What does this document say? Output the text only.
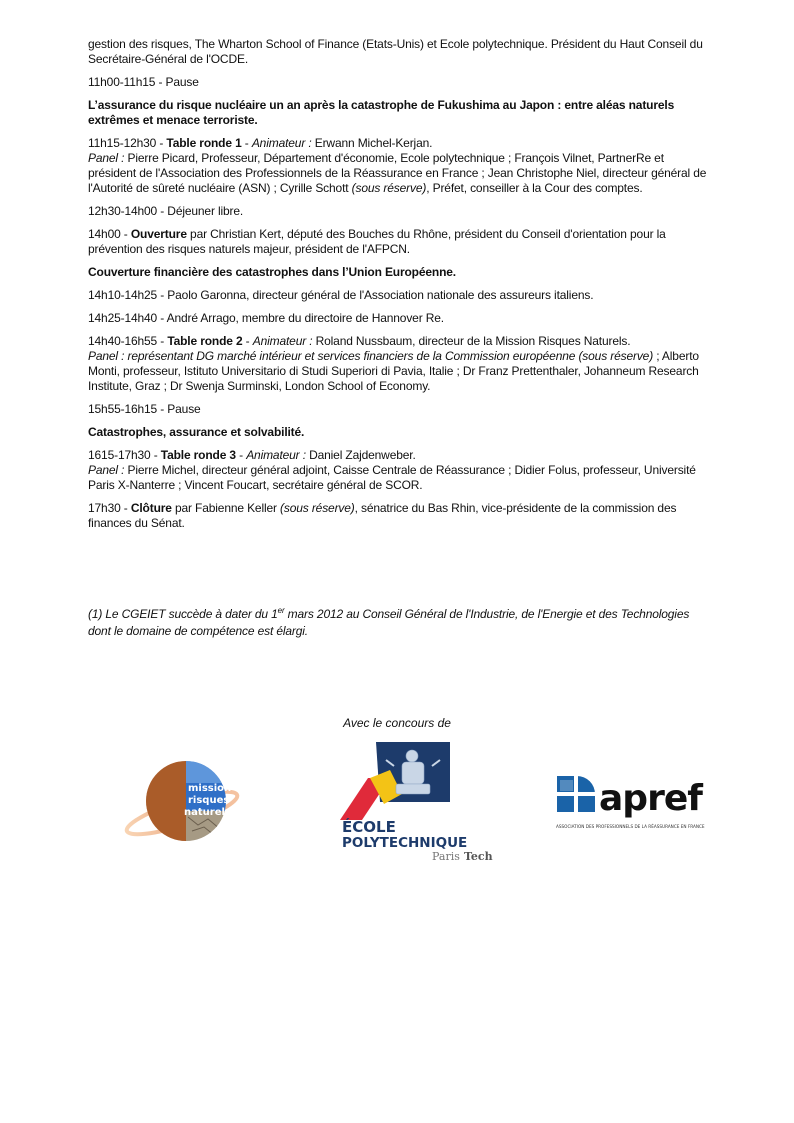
gestion des risques, The Wharton School of Finance (Etats-Unis) et Ecole polytechnique. Président du Haut Conseil du Secrétaire-Général de l'OCDE.

11h00-11h15 - Pause

L’assurance du risque nucléaire un an après la catastrophe de Fukushima au Japon : entre aléas naturels extrêmes et menace terroriste.

11h15-12h30 - Table ronde 1 - Animateur : Erwann Michel-Kerjan.
Panel : Pierre Picard, Professeur, Département d'économie, Ecole polytechnique ; François Vilnet, PartnerRe et président de l'Association des Professionnels de la Réassurance en France ; Jean Christophe Niel, directeur général de l'Autorité de sûreté nucléaire (ASN) ; Cyrille Schott (sous réserve), Préfet, conseiller à la Cour des comptes.

12h30-14h00 - Déjeuner libre.

14h00 - Ouverture par Christian Kert, député des Bouches du Rhône, président du Conseil d'orientation pour la prévention des risques naturels majeur, président de l'AFPCN.

Couverture financière des catastrophes dans l’Union Européenne.

14h10-14h25 - Paolo Garonna, directeur général de l'Association nationale des assureurs italiens.

14h25-14h40 - André Arrago, membre du directoire de Hannover Re.

14h40-16h55 - Table ronde 2 - Animateur : Roland Nussbaum, directeur de la Mission Risques Naturels.
Panel : représentant DG marché intérieur et services financiers de la Commission européenne (sous réserve) ; Alberto Monti, professeur, Istituto Universitario di Studi Superiori di Pavia, Italie ; Dr Franz Prettenthaler, Johanneum Research Institute, Graz ; Dr Swenja Surminski, London School of Economy.

15h55-16h15 - Pause

Catastrophes, assurance et solvabilité.

1615-17h30 - Table ronde 3 - Animateur : Daniel Zajdenweber.
Panel : Pierre Michel, directeur général adjoint, Caisse Centrale de Réassurance ; Didier Folus, professeur, Université Paris X-Nanterre ; Vincent Foucart, secrétaire général de SCOR.

17h30 - Clôture par Fabienne Keller (sous réserve), sénatrice du Bas Rhin, vice-présidente de la commission des finances du Sénat.

(1) Le CGEIET succède à dater du 1er mars 2012 au Conseil Général de l'Industrie, de l'Energie et des Technologies dont le domaine de compétence est élargi.
Avec le concours de
mission
risques
naturels
ÉCOLE
POLYTECHNIQUE
Paris Tech
apref
ASSOCIATION DES PROFESSIONNELS DE LA RÉASSURANCE EN FRANCE
